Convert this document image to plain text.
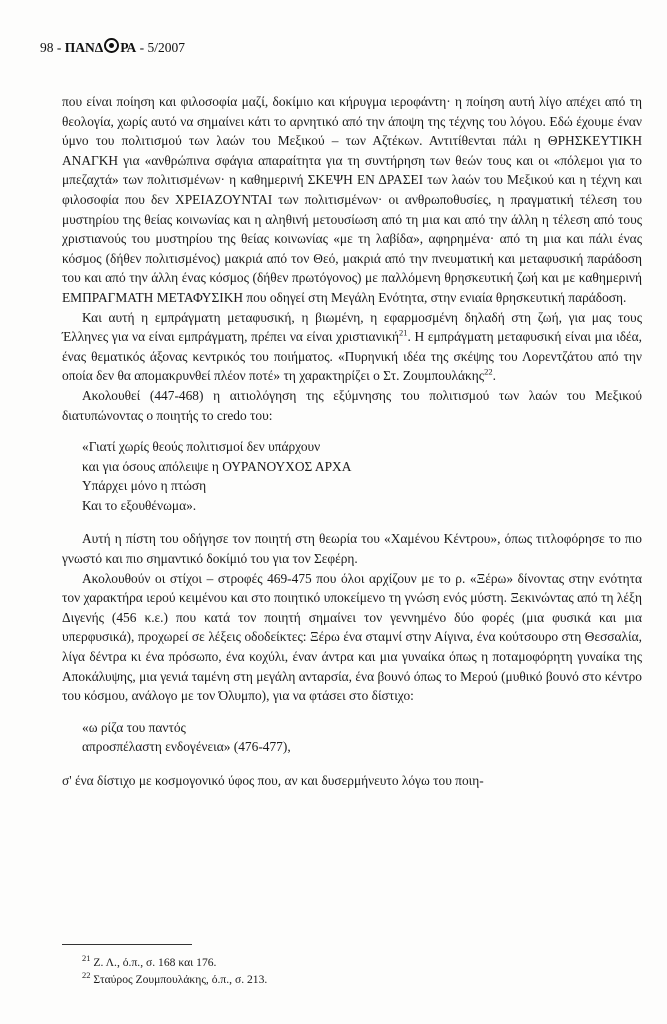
98 - ΠΑΝΔ ΡΑ - 5/2007

που είναι ποίηση και φιλοσοφία μαζί, δοκίμιο και κήρυγμα ιεροφάντη· η ποίηση αυτή λίγο απέχει από τη θεολογία, χωρίς αυτό να σημαίνει κάτι το αρνητικό από την άποψη της τέχνης του λόγου. Εδώ έχουμε έναν ύμνο του πολιτισμού των λαών του Μεξικού – των Αζτέκων. Αντιτίθενται πάλι η ΘΡΗΣΚΕΥΤΙΚΗ ΑΝΑΓΚΗ για «ανθρώπινα σφάγια απαραίτητα για τη συντήρηση των θεών τους και οι «πόλεμοι για το μπεζαχτά» των πολιτισμένων· η καθημερινή ΣΚΕΨΗ ΕΝ ΔΡΑΣΕΙ των λαών του Μεξικού και η τέχνη και φιλοσοφία που δεν ΧΡΕΙΑΖΟΥΝΤΑΙ των πολιτισμένων· οι ανθρωποθυσίες, η πραγματική τέλεση του μυστηρίου της θείας κοινωνίας και η αληθινή μετουσίωση από τη μια και από την άλλη η τέλεση από τους χριστιανούς του μυστηρίου της θείας κοινωνίας «με τη λαβίδα», αφηρημένα· από τη μια και πάλι ένας κόσμος (δήθεν πολιτισμένος) μακριά από τον Θεό, μακριά από την πνευματική και μεταφυσική παράδοση του και από την άλλη ένας κόσμος (δήθεν πρωτόγονος) με παλλόμενη θρησκευτική ζωή και με καθημερινή ΕΜΠΡΑΓΜΑΤΗ ΜΕΤΑΦΥΣΙΚΗ που οδηγεί στη Μεγάλη Ενότητα, στην ενιαία θρησκευτική παράδοση.

Και αυτή η εμπράγματη μεταφυσική, η βιωμένη, η εφαρμοσμένη δηλαδή στη ζωή, για μας τους Έλληνες για να είναι εμπράγματη, πρέπει να είναι χριστιανική$^{21}$. Η εμπράγματη μεταφυσική είναι μια ιδέα, ένας θεματικός άξονας κεντρικός του ποιήματος. «Πυρηνική ιδέα της σκέψης του Λορεντζάτου από την οποία δεν θα απομακρυνθεί πλέον ποτέ» τη χαρακτηρίζει ο Στ. Ζουμπουλάκης$^{22}$.

Ακολουθεί (447-468) η αιτιολόγηση της εξύμνησης του πολιτισμού των λαών του Μεξικού διατυπώνοντας ο ποιητής το credo του:

«Γιατί χωρίς θεούς πολιτισμοί δεν υπάρχουν
και για όσους απόλειψε η ΟΥΡΑΝΟΥΧΟΣ ΑΡΧΑ
Υπάρχει μόνο η πτώση
Και το εξουθένωμα».

Αυτή η πίστη του οδήγησε τον ποιητή στη θεωρία του «Χαμένου Κέντρου», όπως τιτλοφόρησε το πιο γνωστό και πιο σημαντικό δοκίμιό του για τον Σεφέρη.

Ακολουθούν οι στίχοι – στροφές 469-475 που όλοι αρχίζουν με το ρ. «Ξέρω» δίνοντας στην ενότητα τον χαρακτήρα ιερού κειμένου και στο ποιητικό υποκείμενο τη γνώση ενός μύστη. Ξεκινώντας από τη λέξη Διγενής (456 κ.ε.) που κατά τον ποιητή σημαίνει τον γεννημένο δύο φορές (μια φυσικά και μια υπερφυσικά), προχωρεί σε λέξεις οδοδείκτες: Ξέρω ένα σταμνί στην Αίγινα, ένα κούτσουρο στη Θεσσαλία, λίγα δέντρα κι ένα πρόσωπο, ένα κοχύλι, έναν άντρα και μια γυναίκα όπως η ποταμοφόρητη γυναίκα της Αποκάλυψης, μια γενιά ταμένη στη μεγάλη ανταρσία, ένα βουνό όπως το Μερού (μυθικό βουνό στο κέντρο του κόσμου, ανάλογο με τον Όλυμπο), για να φτάσει στο δίστιχο:

«ω ρίζα του παντός
απροσπέλαστη ενδογένεια» (476-477),

σ' ένα δίστιχο με κοσμογονικό ύφος που, αν και δυσερμήνευτο λόγω του ποιη-

$^{21}$ Ζ. Λ., ό.π., σ. 168 και 176.
$^{22}$ Σταύρος Ζουμπουλάκης, ό.π., σ. 213.
